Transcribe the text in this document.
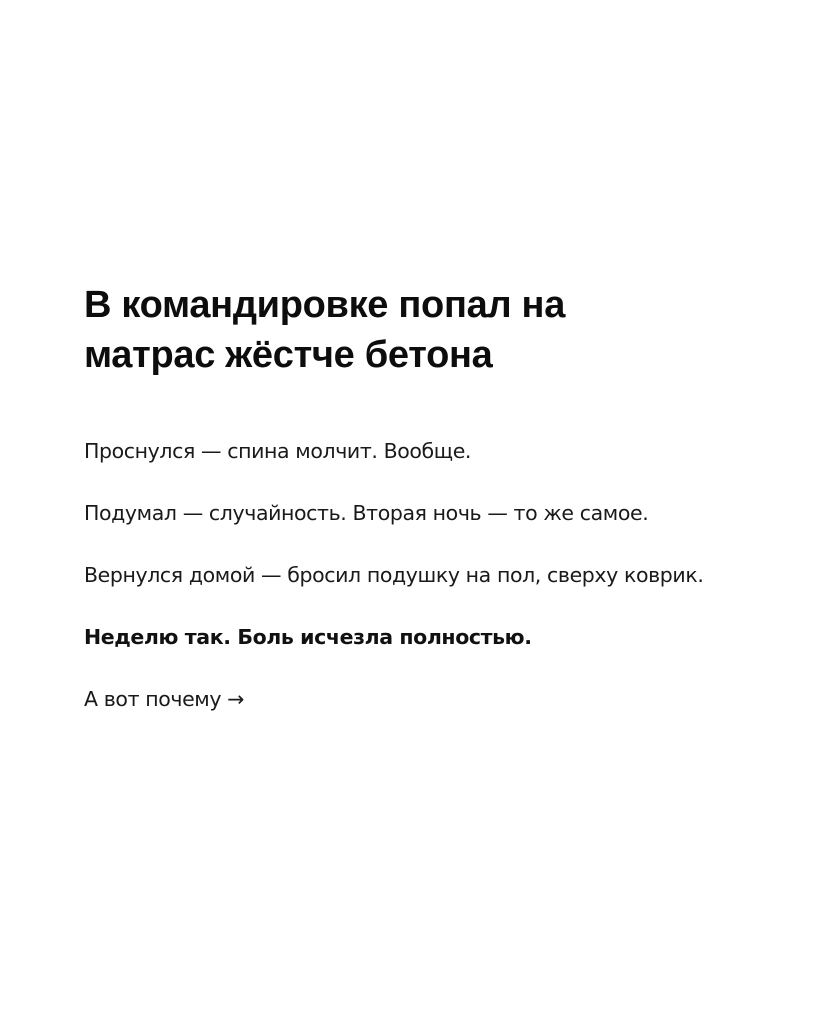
В командировке попал на
матрас жёстче бетона

Проснулся — спина молчит. Вообще.

Подумал — случайность. Вторая ночь — то же самое.

Вернулся домой — бросил подушку на пол, сверху коврик.

Неделю так. Боль исчезла полностью.

А вот почему →
